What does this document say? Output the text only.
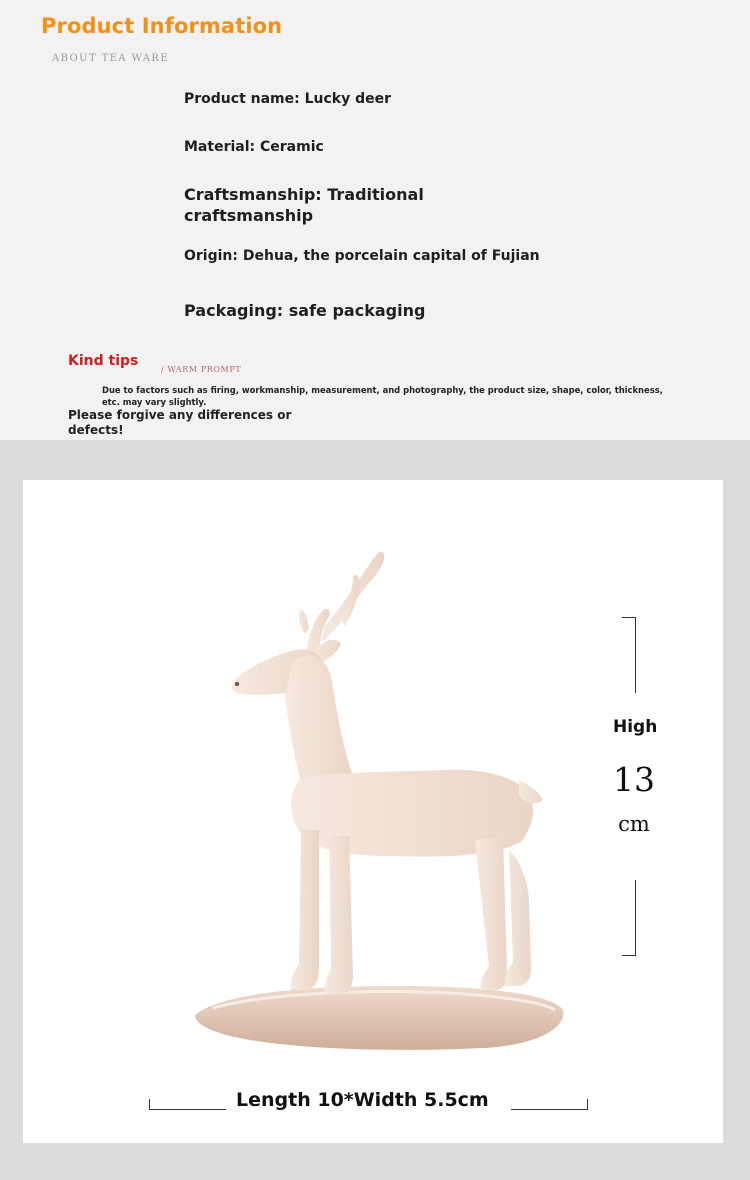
Product Information
ABOUT TEA WARE
Product name: Lucky deer
Material: Ceramic
Craftsmanship: Traditional craftsmanship
Origin: Dehua, the porcelain capital of Fujian
Packaging: safe packaging
Kind tips
/ WARM PROMPT
Due to factors such as firing, workmanship, measurement, and photography, the product size, shape, color, thickness, etc. may vary slightly.
Please forgive any differences or defects!
High
13
cm
Length 10*Width 5.5cm
